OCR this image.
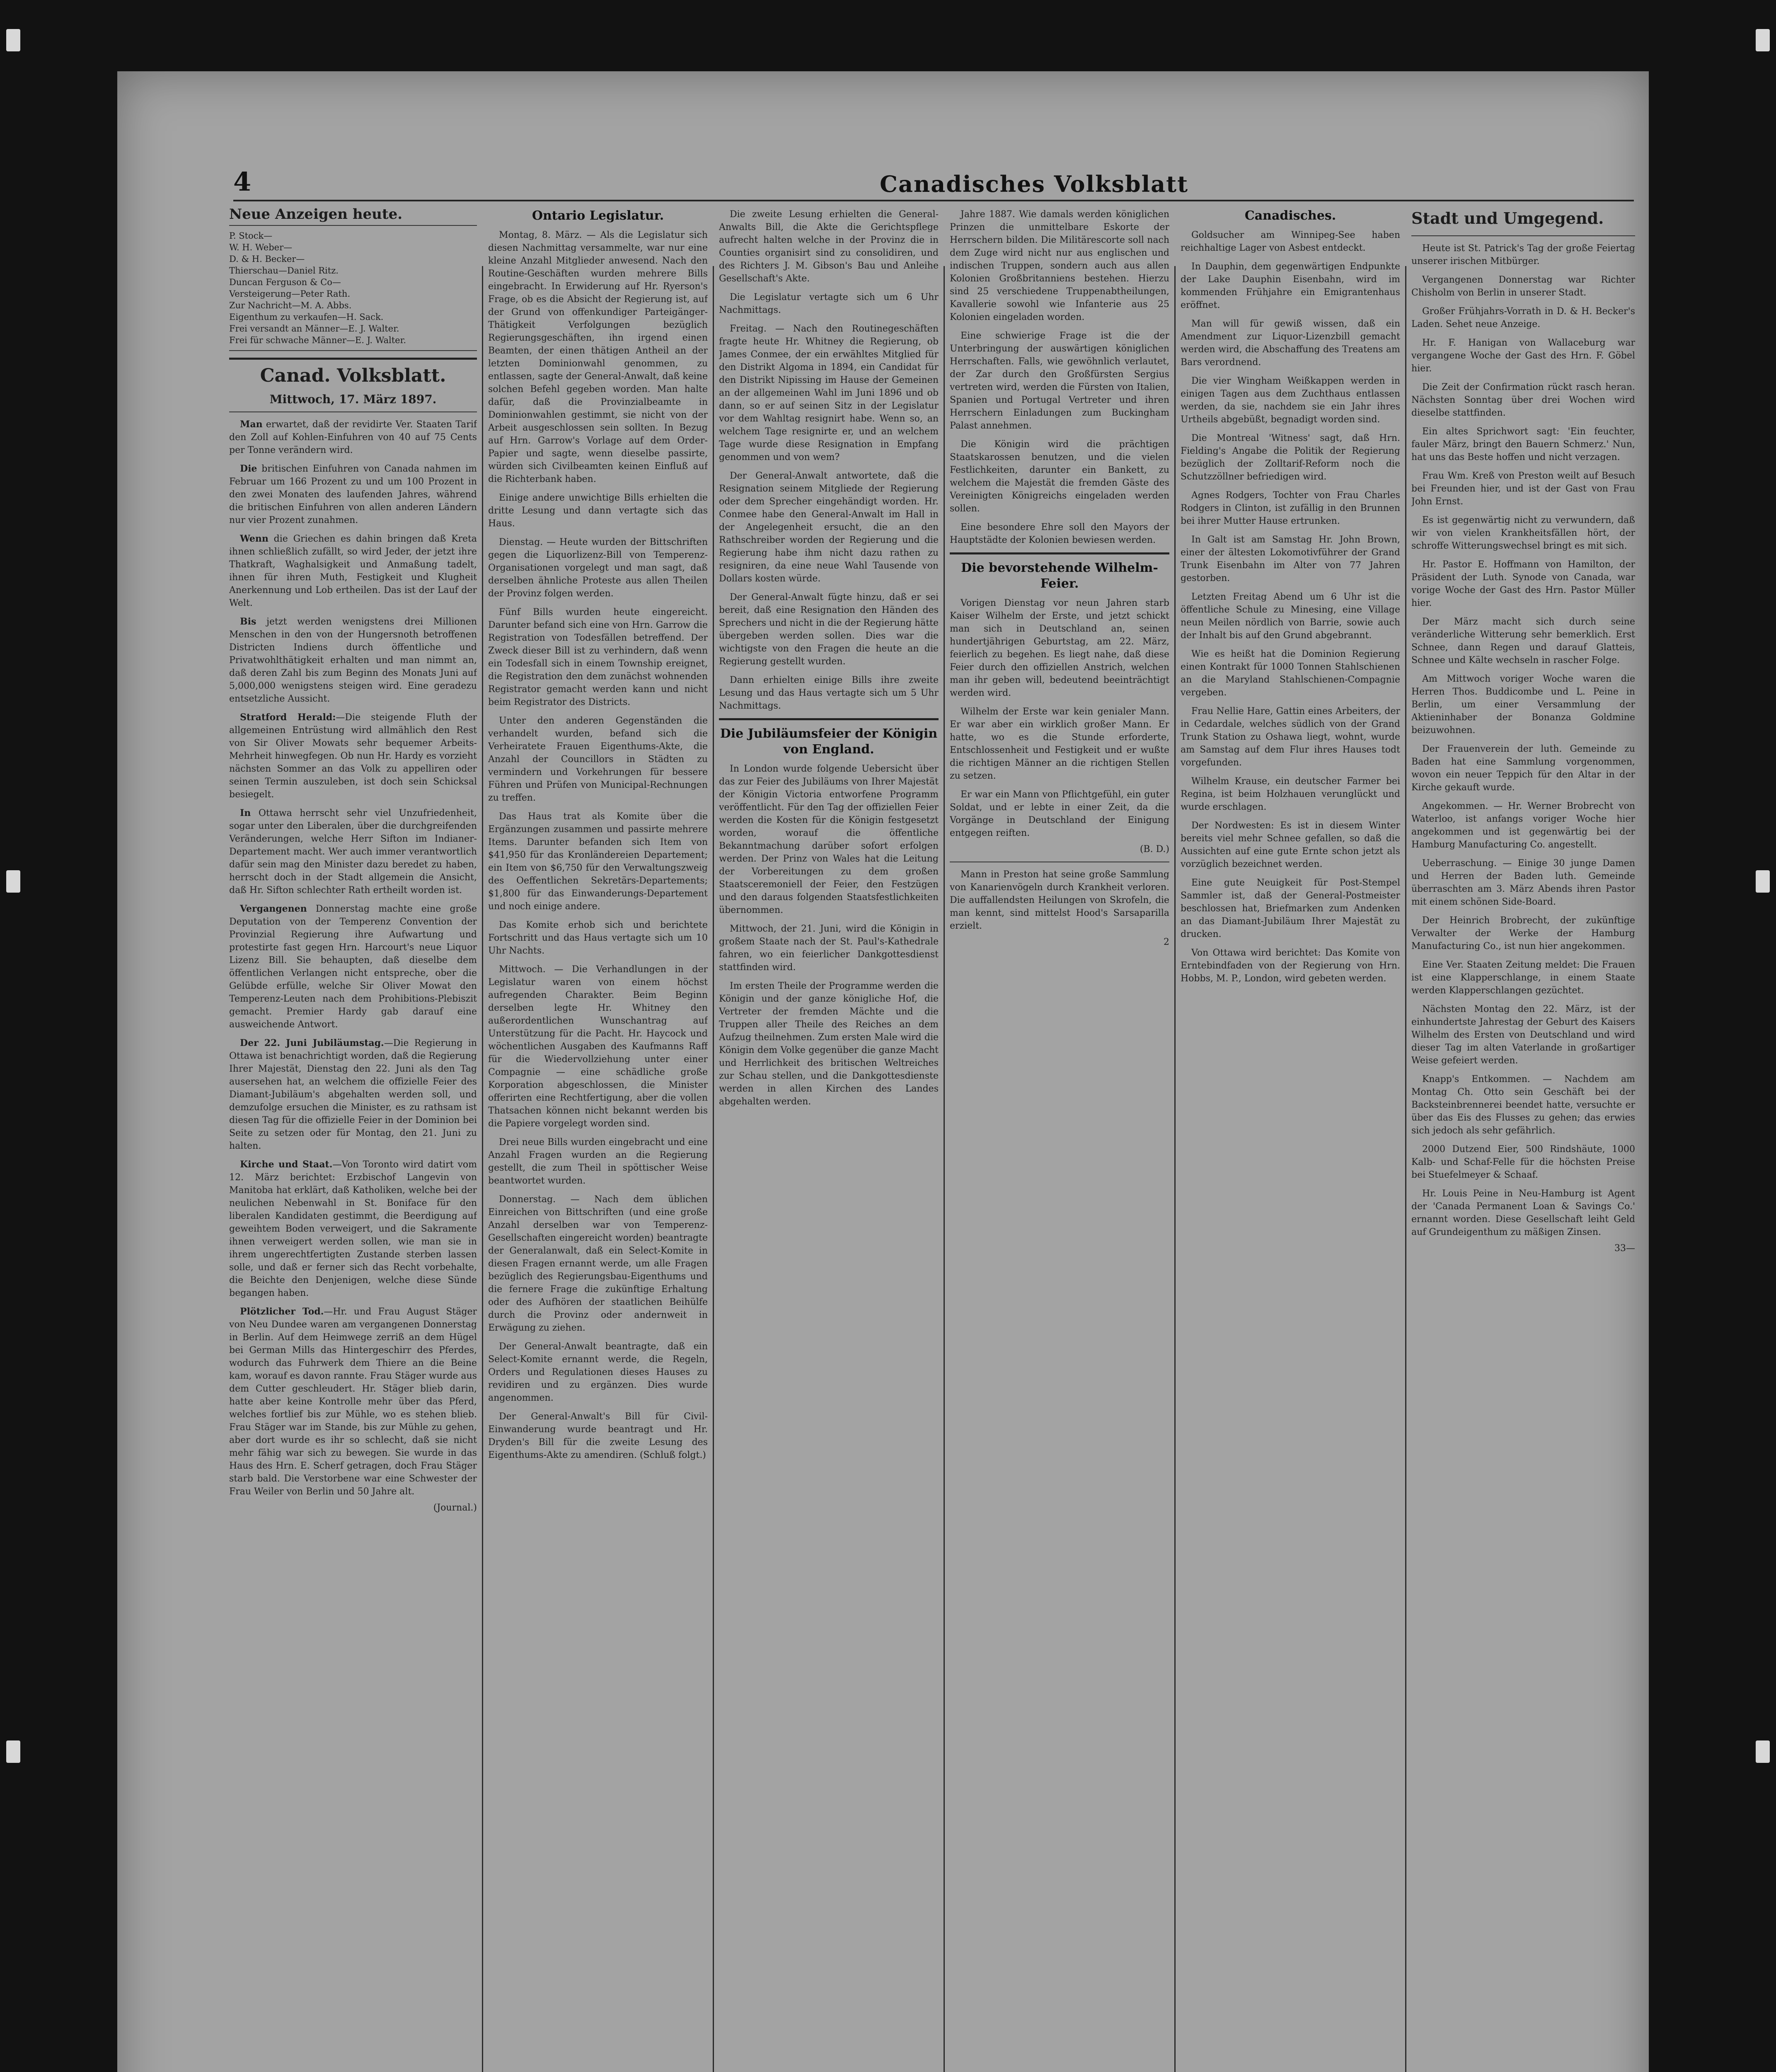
4	Canadisches Volksblatt
Neue Anzeigen heute.

P. Stock—

W. H. Weber—

D. & H. Becker—

Thierschau—Daniel Ritz.

Duncan Ferguson & Co—

Versteigerung—Peter Rath.

Zur Nachricht—M. A. Abbs.

Eigenthum zu verkaufen—H. Sack.

Frei versandt an Männer—E. J. Walter.

Frei für schwache Männer—E. J. Walter.

Canad. Volksblatt.
Mittwoch, 17. März 1897.

Man erwartet, daß der revidirte Ver. Staaten Tarif den Zoll auf Kohlen-Einfuhren von 40 auf 75 Cents per Tonne verändern wird.

Die britischen Einfuhren von Canada nahmen im Februar um 166 Prozent zu und um 100 Prozent in den zwei Monaten des laufenden Jahres, während die britischen Einfuhren von allen anderen Ländern nur vier Prozent zunahmen.

Wenn die Griechen es dahin bringen daß Kreta ihnen schließlich zufällt, so wird Jeder, der jetzt ihre Thatkraft, Waghalsigkeit und Anmaßung tadelt, ihnen für ihren Muth, Festigkeit und Klugheit Anerkennung und Lob ertheilen. Das ist der Lauf der Welt.

Bis jetzt werden wenigstens drei Millionen Menschen in den von der Hungersnoth betroffenen Districten Indiens durch öffentliche und Privatwohlthätigkeit erhalten und man nimmt an, daß deren Zahl bis zum Beginn des Monats Juni auf 5,000,000 wenigstens steigen wird. Eine geradezu entsetzliche Aussicht.

Stratford Herald:—Die steigende Fluth der allgemeinen Entrüstung wird allmählich den Rest von Sir Oliver Mowats sehr bequemer Arbeits-Mehrheit hinwegfegen. Ob nun Hr. Hardy es vorzieht nächsten Sommer an das Volk zu appelliren oder seinen Termin auszuleben, ist doch sein Schicksal besiegelt.

In Ottawa herrscht sehr viel Unzufriedenheit, sogar unter den Liberalen, über die durchgreifenden Veränderungen, welche Herr Sifton im Indianer-Departement macht. Wer auch immer verantwortlich dafür sein mag den Minister dazu beredet zu haben, herrscht doch in der Stadt allgemein die Ansicht, daß Hr. Sifton schlechter Rath ertheilt worden ist.

Vergangenen Donnerstag machte eine große Deputation von der Temperenz Convention der Provinzial Regierung ihre Aufwartung und protestirte fast gegen Hrn. Harcourt's neue Liquor Lizenz Bill. Sie behaupten, daß dieselbe dem öffentlichen Verlangen nicht entspreche, ober die Gelübde erfülle, welche Sir Oliver Mowat den Temperenz-Leuten nach dem Prohibitions-Plebiszit gemacht. Premier Hardy gab darauf eine ausweichende Antwort.

Der 22. Juni Jubiläumstag.—Die Regierung in Ottawa ist benachrichtigt worden, daß die Regierung Ihrer Majestät, Dienstag den 22. Juni als den Tag ausersehen hat, an welchem die offizielle Feier des Diamant-Jubiläum's abgehalten werden soll, und demzufolge ersuchen die Minister, es zu rathsam ist diesen Tag für die offizielle Feier in der Dominion bei Seite zu setzen oder für Montag, den 21. Juni zu halten.

Kirche und Staat.—Von Toronto wird datirt vom 12. März berichtet: Erzbischof Langevin von Manitoba hat erklärt, daß Katholiken, welche bei der neulichen Nebenwahl in St. Boniface für den liberalen Kandidaten gestimmt, die Beerdigung auf geweihtem Boden verweigert, und die Sakramente ihnen verweigert werden sollen, wie man sie in ihrem ungerechtfertigten Zustande sterben lassen solle, und daß er ferner sich das Recht vorbehalte, die Beichte den Denjenigen, welche diese Sünde begangen haben.

Plötzlicher Tod.—Hr. und Frau August Stäger von Neu Dundee waren am vergangenen Donnerstag in Berlin. Auf dem Heimwege zerriß an dem Hügel bei German Mills das Hintergeschirr des Pferdes, wodurch das Fuhrwerk dem Thiere an die Beine kam, worauf es davon rannte. Frau Stäger wurde aus dem Cutter geschleudert. Hr. Stäger blieb darin, hatte aber keine Kontrolle mehr über das Pferd, welches fortlief bis zur Mühle, wo es stehen blieb. Frau Stäger war im Stande, bis zur Mühle zu gehen, aber dort wurde es ihr so schlecht, daß sie nicht mehr fähig war sich zu bewegen. Sie wurde in das Haus des Hrn. E. Scherf getragen, doch Frau Stäger starb bald. Die Verstorbene war eine Schwester der Frau Weiler von Berlin und 50 Jahre alt.

(Journal.)

Ontario Legislatur.

Montag, 8. März. — Als die Legislatur sich diesen Nachmittag versammelte, war nur eine kleine Anzahl Mitglieder anwesend. Nach den Routine-Geschäften wurden mehrere Bills eingebracht. In Erwiderung auf Hr. Ryerson's Frage, ob es die Absicht der Regierung ist, auf der Grund von offenkundiger Parteigänger-Thätigkeit Verfolgungen bezüglich Regierungsgeschäften, ihn irgend einen Beamten, der einen thätigen Antheil an der letzten Dominionwahl genommen, zu entlassen, sagte der General-Anwalt, daß keine solchen Befehl gegeben worden. Man halte dafür, daß die Provinzialbeamte in Dominionwahlen gestimmt, sie nicht von der Arbeit ausgeschlossen sein sollten. In Bezug auf Hrn. Garrow's Vorlage auf dem Order-Papier und sagte, wenn dieselbe passirte, würden sich Civilbeamten keinen Einfluß auf die Richterbank haben.

Einige andere unwichtige Bills erhielten die dritte Lesung und dann vertagte sich das Haus.

Dienstag. — Heute wurden der Bittschriften gegen die Liquorlizenz-Bill von Temperenz-Organisationen vorgelegt und man sagt, daß derselben ähnliche Proteste aus allen Theilen der Provinz folgen werden.

Fünf Bills wurden heute eingereicht. Darunter befand sich eine von Hrn. Garrow die Registration von Todesfällen betreffend. Der Zweck dieser Bill ist zu verhindern, daß wenn ein Todesfall sich in einem Township ereignet, die Registration den dem zunächst wohnenden Registrator gemacht werden kann und nicht beim Registrator des Districts.

Unter den anderen Gegenständen die verhandelt wurden, befand sich die Verheiratete Frauen Eigenthums-Akte, die Anzahl der Councillors in Städten zu vermindern und Vorkehrungen für bessere Führen und Prüfen von Municipal-Rechnungen zu treffen.

Das Haus trat als Komite über die Ergänzungen zusammen und passirte mehrere Items. Darunter befanden sich Item von $41,950 für das Kronländereien Departement; ein Item von $6,750 für den Verwaltungszweig des Oeffentlichen Sekretärs-Departements; $1,800 für das Einwanderungs-Departement und noch einige andere.

Das Komite erhob sich und berichtete Fortschritt und das Haus vertagte sich um 10 Uhr Nachts.

Mittwoch. — Die Verhandlungen in der Legislatur waren von einem höchst aufregenden Charakter. Beim Beginn derselben legte Hr. Whitney den außerordentlichen Wunschantrag auf Unterstützung für die Pacht. Hr. Haycock und wöchentlichen Ausgaben des Kaufmanns Raff für die Wiedervollziehung unter einer Compagnie — eine schädliche große Korporation abgeschlossen, die Minister offerirten eine Rechtfertigung, aber die vollen Thatsachen können nicht bekannt werden bis die Papiere vorgelegt worden sind.

Drei neue Bills wurden eingebracht und eine Anzahl Fragen wurden an die Regierung gestellt, die zum Theil in spöttischer Weise beantwortet wurden.

Donnerstag. — Nach dem üblichen Einreichen von Bittschriften (und eine große Anzahl derselben war von Temperenz-Gesellschaften eingereicht worden) beantragte der Generalanwalt, daß ein Select-Komite in diesen Fragen ernannt werde, um alle Fragen bezüglich des Regierungsbau-Eigenthums und die fernere Frage die zukünftige Erhaltung oder des Aufhören der staatlichen Beihülfe durch die Provinz oder andernweit in Erwägung zu ziehen.

Der General-Anwalt beantragte, daß ein Select-Komite ernannt werde, die Regeln, Orders und Regulationen dieses Hauses zu revidiren und zu ergänzen. Dies wurde angenommen.

Der General-Anwalt's Bill für Civil-Einwanderung wurde beantragt und Hr. Dryden's Bill für die zweite Lesung des Eigenthums-Akte zu amendiren. (Schluß folgt.)

Die zweite Lesung erhielten die General-Anwalts Bill, die Akte die Gerichtspflege aufrecht halten welche in der Provinz die in Counties organisirt sind zu consolidiren, und des Richters J. M. Gibson's Bau und Anleihe Gesellschaft's Akte.

Die Legislatur vertagte sich um 6 Uhr Nachmittags.

Freitag. — Nach den Routinegeschäften fragte heute Hr. Whitney die Regierung, ob James Conmee, der ein erwähltes Mitglied für den Distrikt Algoma in 1894, ein Candidat für den Distrikt Nipissing im Hause der Gemeinen an der allgemeinen Wahl im Juni 1896 und ob dann, so er auf seinen Sitz in der Legislatur vor dem Wahltag resignirt habe. Wenn so, an welchem Tage resignirte er, und an welchem Tage wurde diese Resignation in Empfang genommen und von wem?

Der General-Anwalt antwortete, daß die Resignation seinem Mitgliede der Regierung oder dem Sprecher eingehändigt worden. Hr. Conmee habe den General-Anwalt im Hall in der Angelegenheit ersucht, die an den Rathschreiber worden der Regierung und die Regierung habe ihm nicht dazu rathen zu resigniren, da eine neue Wahl Tausende von Dollars kosten würde.

Der General-Anwalt fügte hinzu, daß er sei bereit, daß eine Resignation den Händen des Sprechers und nicht in die der Regierung hätte übergeben werden sollen. Dies war die wichtigste von den Fragen die heute an die Regierung gestellt wurden.

Dann erhielten einige Bills ihre zweite Lesung und das Haus vertagte sich um 5 Uhr Nachmittags.

Die Jubiläumsfeier der Königin von England.

In London wurde folgende Uebersicht über das zur Feier des Jubiläums von Ihrer Majestät der Königin Victoria entworfene Programm veröffentlicht. Für den Tag der offiziellen Feier werden die Kosten für die Königin festgesetzt worden, worauf die öffentliche Bekanntmachung darüber sofort erfolgen werden. Der Prinz von Wales hat die Leitung der Vorbereitungen zu dem großen Staatsceremoniell der Feier, den Festzügen und den daraus folgenden Staatsfestlichkeiten übernommen.

Mittwoch, der 21. Juni, wird die Königin in großem Staate nach der St. Paul's-Kathedrale fahren, wo ein feierlicher Dankgottesdienst stattfinden wird.

Im ersten Theile der Programme werden die Königin und der ganze königliche Hof, die Vertreter der fremden Mächte und die Truppen aller Theile des Reiches an dem Aufzug theilnehmen. Zum ersten Male wird die Königin dem Volke gegenüber die ganze Macht und Herrlichkeit des britischen Weltreiches zur Schau stellen, und die Dankgottesdienste werden in allen Kirchen des Landes abgehalten werden.

Jahre 1887. Wie damals werden königlichen Prinzen die unmittelbare Eskorte der Herrschern bilden. Die Militärescorte soll nach dem Zuge wird nicht nur aus englischen und indischen Truppen, sondern auch aus allen Kolonien Großbritanniens bestehen. Hierzu sind 25 verschiedene Truppenabtheilungen, Kavallerie sowohl wie Infanterie aus 25 Kolonien eingeladen worden.

Eine schwierige Frage ist die der Unterbringung der auswärtigen königlichen Herrschaften. Falls, wie gewöhnlich verlautet, der Zar durch den Großfürsten Sergius vertreten wird, werden die Fürsten von Italien, Spanien und Portugal Vertreter und ihren Herrschern Einladungen zum Buckingham Palast annehmen.

Die Königin wird die prächtigen Staatskarossen benutzen, und die vielen Festlichkeiten, darunter ein Bankett, zu welchem die Majestät die fremden Gäste des Vereinigten Königreichs eingeladen werden sollen.

Eine besondere Ehre soll den Mayors der Hauptstädte der Kolonien bewiesen werden.

Die bevorstehende Wilhelm-Feier.

Vorigen Dienstag vor neun Jahren starb Kaiser Wilhelm der Erste, und jetzt schickt man sich in Deutschland an, seinen hundertjährigen Geburtstag, am 22. März, feierlich zu begehen. Es liegt nahe, daß diese Feier durch den offiziellen Anstrich, welchen man ihr geben will, bedeutend beeinträchtigt werden wird.

Wilhelm der Erste war kein genialer Mann. Er war aber ein wirklich großer Mann. Er hatte, wo es die Stunde erforderte, Entschlossenheit und Festigkeit und er wußte die richtigen Männer an die richtigen Stellen zu setzen.

Er war ein Mann von Pflichtgefühl, ein guter Soldat, und er lebte in einer Zeit, da die Vorgänge in Deutschland der Einigung entgegen reiften.

(B. D.)

Mann in Preston hat seine große Sammlung von Kanarienvögeln durch Krankheit verloren. Die auffallendsten Heilungen von Skrofeln, die man kennt, sind mittelst Hood's Sarsaparilla erzielt.

2

Canadisches.

Goldsucher am Winnipeg-See haben reichhaltige Lager von Asbest entdeckt.

In Dauphin, dem gegenwärtigen Endpunkte der Lake Dauphin Eisenbahn, wird im kommenden Frühjahre ein Emigrantenhaus eröffnet.

Man will für gewiß wissen, daß ein Amendment zur Liquor-Lizenzbill gemacht werden wird, die Abschaffung des Treatens am Bars verordnend.

Die vier Wingham Weißkappen werden in einigen Tagen aus dem Zuchthaus entlassen werden, da sie, nachdem sie ein Jahr ihres Urtheils abgebüßt, begnadigt worden sind.

Die Montreal 'Witness' sagt, daß Hrn. Fielding's Angabe die Politik der Regierung bezüglich der Zolltarif-Reform noch die Schutzzöllner befriedigen wird.

Agnes Rodgers, Tochter von Frau Charles Rodgers in Clinton, ist zufällig in den Brunnen bei ihrer Mutter Hause ertrunken.

In Galt ist am Samstag Hr. John Brown, einer der ältesten Lokomotivführer der Grand Trunk Eisenbahn im Alter von 77 Jahren gestorben.

Letzten Freitag Abend um 6 Uhr ist die öffentliche Schule zu Minesing, eine Village neun Meilen nördlich von Barrie, sowie auch der Inhalt bis auf den Grund abgebrannt.

Wie es heißt hat die Dominion Regierung einen Kontrakt für 1000 Tonnen Stahlschienen an die Maryland Stahlschienen-Compagnie vergeben.

Frau Nellie Hare, Gattin eines Arbeiters, der in Cedardale, welches südlich von der Grand Trunk Station zu Oshawa liegt, wohnt, wurde am Samstag auf dem Flur ihres Hauses todt vorgefunden.

Wilhelm Krause, ein deutscher Farmer bei Regina, ist beim Holzhauen verunglückt und wurde erschlagen.

Der Nordwesten: Es ist in diesem Winter bereits viel mehr Schnee gefallen, so daß die Aussichten auf eine gute Ernte schon jetzt als vorzüglich bezeichnet werden.

Eine gute Neuigkeit für Post-Stempel Sammler ist, daß der General-Postmeister beschlossen hat, Briefmarken zum Andenken an das Diamant-Jubiläum Ihrer Majestät zu drucken.

Von Ottawa wird berichtet: Das Komite von Erntebindfaden von der Regierung von Hrn. Hobbs, M. P., London, wird gebeten werden.

Stadt und Umgegend.

Heute ist St. Patrick's Tag der große Feiertag unserer irischen Mitbürger.

Vergangenen Donnerstag war Richter Chisholm von Berlin in unserer Stadt.

Großer Frühjahrs-Vorrath in D. & H. Becker's Laden. Sehet neue Anzeige.

Hr. F. Hanigan von Wallaceburg war vergangene Woche der Gast des Hrn. F. Göbel hier.

Die Zeit der Confirmation rückt rasch heran. Nächsten Sonntag über drei Wochen wird dieselbe stattfinden.

Ein altes Sprichwort sagt: 'Ein feuchter, fauler März, bringt den Bauern Schmerz.' Nun, hat uns das Beste hoffen und nicht verzagen.

Frau Wm. Kreß von Preston weilt auf Besuch bei Freunden hier, und ist der Gast von Frau John Ernst.

Es ist gegenwärtig nicht zu verwundern, daß wir von vielen Krankheitsfällen hört, der schroffe Witterungswechsel bringt es mit sich.

Hr. Pastor E. Hoffmann von Hamilton, der Präsident der Luth. Synode von Canada, war vorige Woche der Gast des Hrn. Pastor Müller hier.

Der März macht sich durch seine veränderliche Witterung sehr bemerklich. Erst Schnee, dann Regen und darauf Glatteis, Schnee und Kälte wechseln in rascher Folge.

Am Mittwoch voriger Woche waren die Herren Thos. Buddicombe und L. Peine in Berlin, um einer Versammlung der Aktieninhaber der Bonanza Goldmine beizuwohnen.

Der Frauenverein der luth. Gemeinde zu Baden hat eine Sammlung vorgenommen, wovon ein neuer Teppich für den Altar in der Kirche gekauft wurde.

Angekommen. — Hr. Werner Brobrecht von Waterloo, ist anfangs voriger Woche hier angekommen und ist gegenwärtig bei der Hamburg Manufacturing Co. angestellt.

Ueberraschung. — Einige 30 junge Damen und Herren der Baden luth. Gemeinde überraschten am 3. März Abends ihren Pastor mit einem schönen Side-Board.

Der Heinrich Brobrecht, der zukünftige Verwalter der Werke der Hamburg Manufacturing Co., ist nun hier angekommen.

Eine Ver. Staaten Zeitung meldet: Die Frauen ist eine Klapperschlange, in einem Staate werden Klapperschlangen gezüchtet.

Nächsten Montag den 22. März, ist der einhundertste Jahrestag der Geburt des Kaisers Wilhelm des Ersten von Deutschland und wird dieser Tag im alten Vaterlande in großartiger Weise gefeiert werden.

Knapp's Entkommen. — Nachdem am Montag Ch. Otto sein Geschäft bei der Backsteinbrennerei beendet hatte, versuchte er über das Eis des Flusses zu gehen; das erwies sich jedoch als sehr gefährlich.

2000 Dutzend Eier, 500 Rindshäute, 1000 Kalb- und Schaf-Felle für die höchsten Preise bei Stuefelmeyer & Schaaf.

Hr. Louis Peine in Neu-Hamburg ist Agent der 'Canada Permanent Loan & Savings Co.' ernannt worden. Diese Gesellschaft leiht Geld auf Grundeigenthum zu mäßigen Zinsen.

33—
